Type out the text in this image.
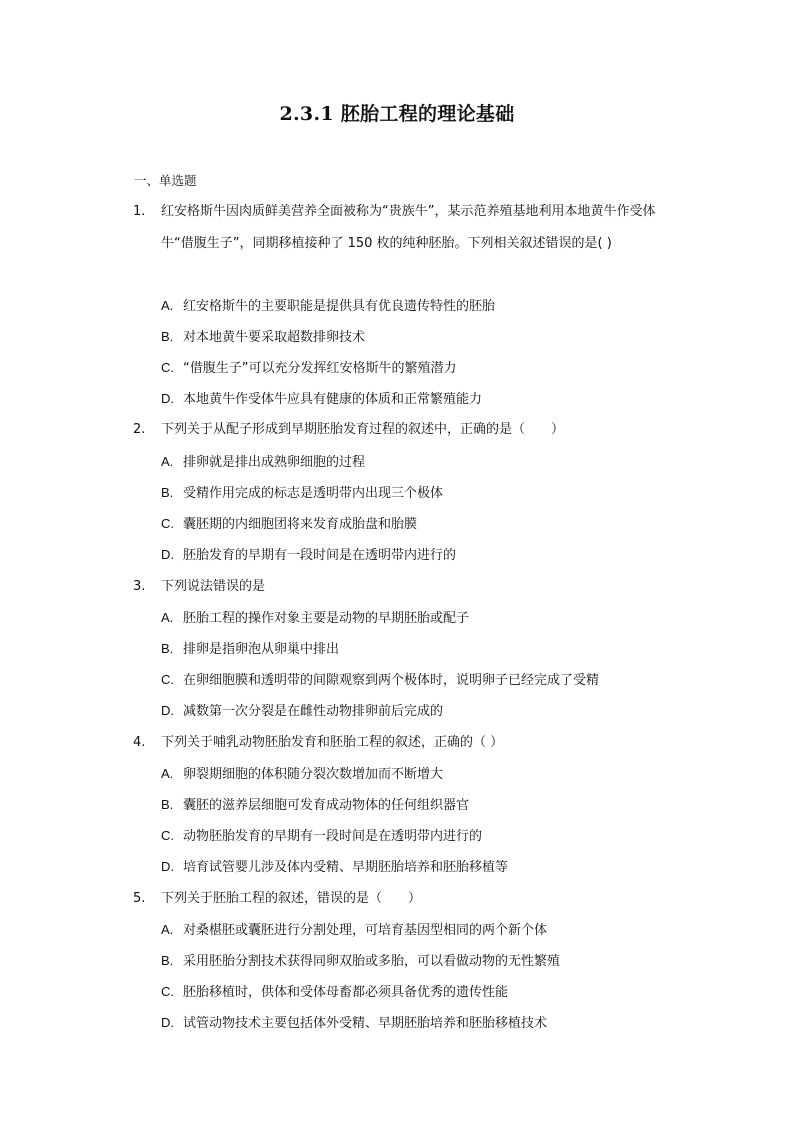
2.3.1 胚胎工程的理论基础
一、单选题
1. 红安格斯牛因肉质鲜美营养全面被称为“贵族牛”，某示范养殖基地利用本地黄牛作受体牛“借腹生子”，同期移植接种了 150 枚的纯种胚胎。下列相关叙述错误的是( )
A. 红安格斯牛的主要职能是提供具有优良遗传特性的胚胎
B. 对本地黄牛要采取超数排卵技术
C. “借腹生子”可以充分发挥红安格斯牛的繁殖潜力
D. 本地黄牛作受体牛应具有健康的体质和正常繁殖能力
2. 下列关于从配子形成到早期胚胎发育过程的叙述中，正确的是（　　）
A. 排卵就是排出成熟卵细胞的过程
B. 受精作用完成的标志是透明带内出现三个极体
C. 囊胚期的内细胞团将来发育成胎盘和胎膜
D. 胚胎发育的早期有一段时间是在透明带内进行的
3. 下列说法错误的是
A. 胚胎工程的操作对象主要是动物的早期胚胎或配子
B. 排卵是指卵泡从卵巢中排出
C. 在卵细胞膜和透明带的间隙观察到两个极体时，说明卵子已经完成了受精
D. 减数第一次分裂是在雌性动物排卵前后完成的
4. 下列关于哺乳动物胚胎发育和胚胎工程的叙述，正确的（ ）
A. 卵裂期细胞的体积随分裂次数增加而不断增大
B. 囊胚的滋养层细胞可发育成动物体的任何组织器官
C. 动物胚胎发育的早期有一段时间是在透明带内进行的
D. 培育试管婴儿涉及体内受精、早期胚胎培养和胚胎移植等
5. 下列关于胚胎工程的叙述，错误的是（　　）
A. 对桑椹胚或囊胚进行分割处理，可培育基因型相同的两个新个体
B. 采用胚胎分割技术获得同卵双胎或多胎，可以看做动物的无性繁殖
C. 胚胎移植时，供体和受体母畜都必须具备优秀的遗传性能
D. 试管动物技术主要包括体外受精、早期胚胎培养和胚胎移植技术
